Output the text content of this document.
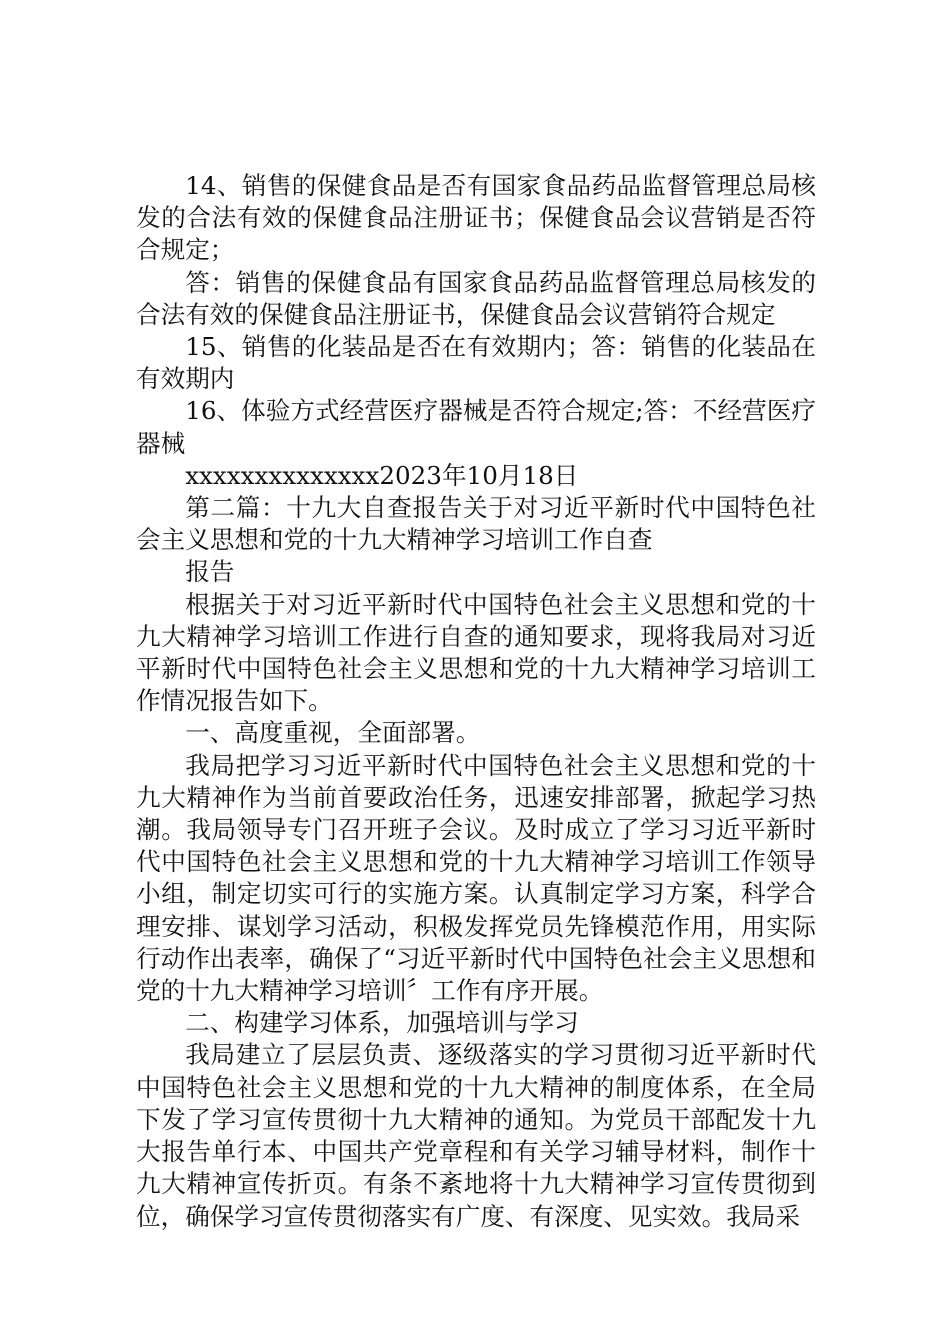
14、销售的保健食品是否有国家食品药品监督管理总局核发的合法有效的保健食品注册证书；保健食品会议营销是否符合规定；

答：销售的保健食品有国家食品药品监督管理总局核发的合法有效的保健食品注册证书，保健食品会议营销符合规定

15、销售的化装品是否在有效期内；答：销售的化装品在有效期内

16、体验方式经营医疗器械是否符合规定;答：不经营医疗器械

xxxxxxxxxxxxxx2023年10月18日

第二篇：十九大自查报告关于对习近平新时代中国特色社会主义思想和党的十九大精神学习培训工作自查

报告

根据关于对习近平新时代中国特色社会主义思想和党的十九大精神学习培训工作进行自查的通知要求，现将我局对习近平新时代中国特色社会主义思想和党的十九大精神学习培训工作情况报告如下。

一、高度重视，全面部署。

我局把学习习近平新时代中国特色社会主义思想和党的十九大精神作为当前首要政治任务，迅速安排部署，掀起学习热潮。我局领导专门召开班子会议。及时成立了学习习近平新时代中国特色社会主义思想和党的十九大精神学习培训工作领导小组，制定切实可行的实施方案。认真制定学习方案，科学合理安排、谋划学习活动，积极发挥党员先锋模范作用，用实际行动作出表率，确保了“习近平新时代中国特色社会主义思想和党的十九大精神学习培训〞工作有序开展。

二、构建学习体系，加强培训与学习

我局建立了层层负责、逐级落实的学习贯彻习近平新时代中国特色社会主义思想和党的十九大精神的制度体系，在全局下发了学习宣传贯彻十九大精神的通知。为党员干部配发十九大报告单行本、中国共产党章程和有关学习辅导材料，制作十九大精神宣传折页。有条不紊地将十九大精神学习宣传贯彻到位，确保学习宣传贯彻落实有广度、有深度、见实效。我局采
